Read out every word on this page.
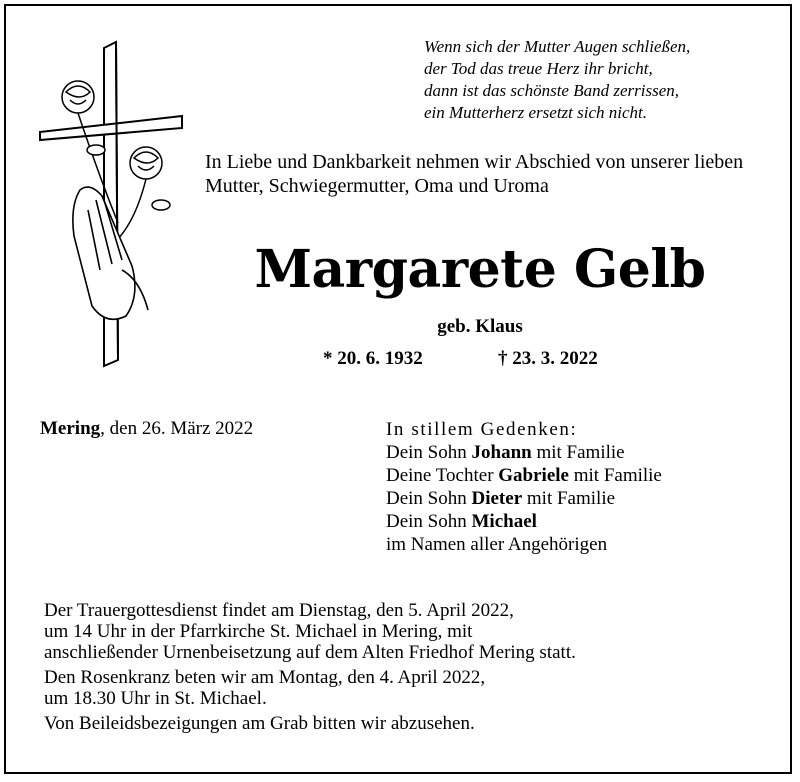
Wenn sich der Mutter Augen schließen,
der Tod das treue Herz ihr bricht,
dann ist das schönste Band zerrissen,
ein Mutterherz ersetzt sich nicht.
In Liebe und Dankbarkeit nehmen wir Abschied von unserer lieben Mutter, Schwiegermutter, Oma und Uroma
Margarete Gelb
geb. Klaus
* 20. 6. 1932	† 23. 3. 2022
Mering, den 26. März 2022	In stillem Gedenken:
Dein Sohn Johann mit Familie
Deine Tochter Gabriele mit Familie
Dein Sohn Dieter mit Familie
Dein Sohn Michael
im Namen aller Angehörigen

Der Trauergottesdienst findet am Dienstag, den 5. April 2022,
um 14 Uhr in der Pfarrkirche St. Michael in Mering, mit
anschließender Urnenbeisetzung auf dem Alten Friedhof Mering statt.

Den Rosenkranz beten wir am Montag, den 4. April 2022,
um 18.30 Uhr in St. Michael.

Von Beileidsbezeigungen am Grab bitten wir abzusehen.
